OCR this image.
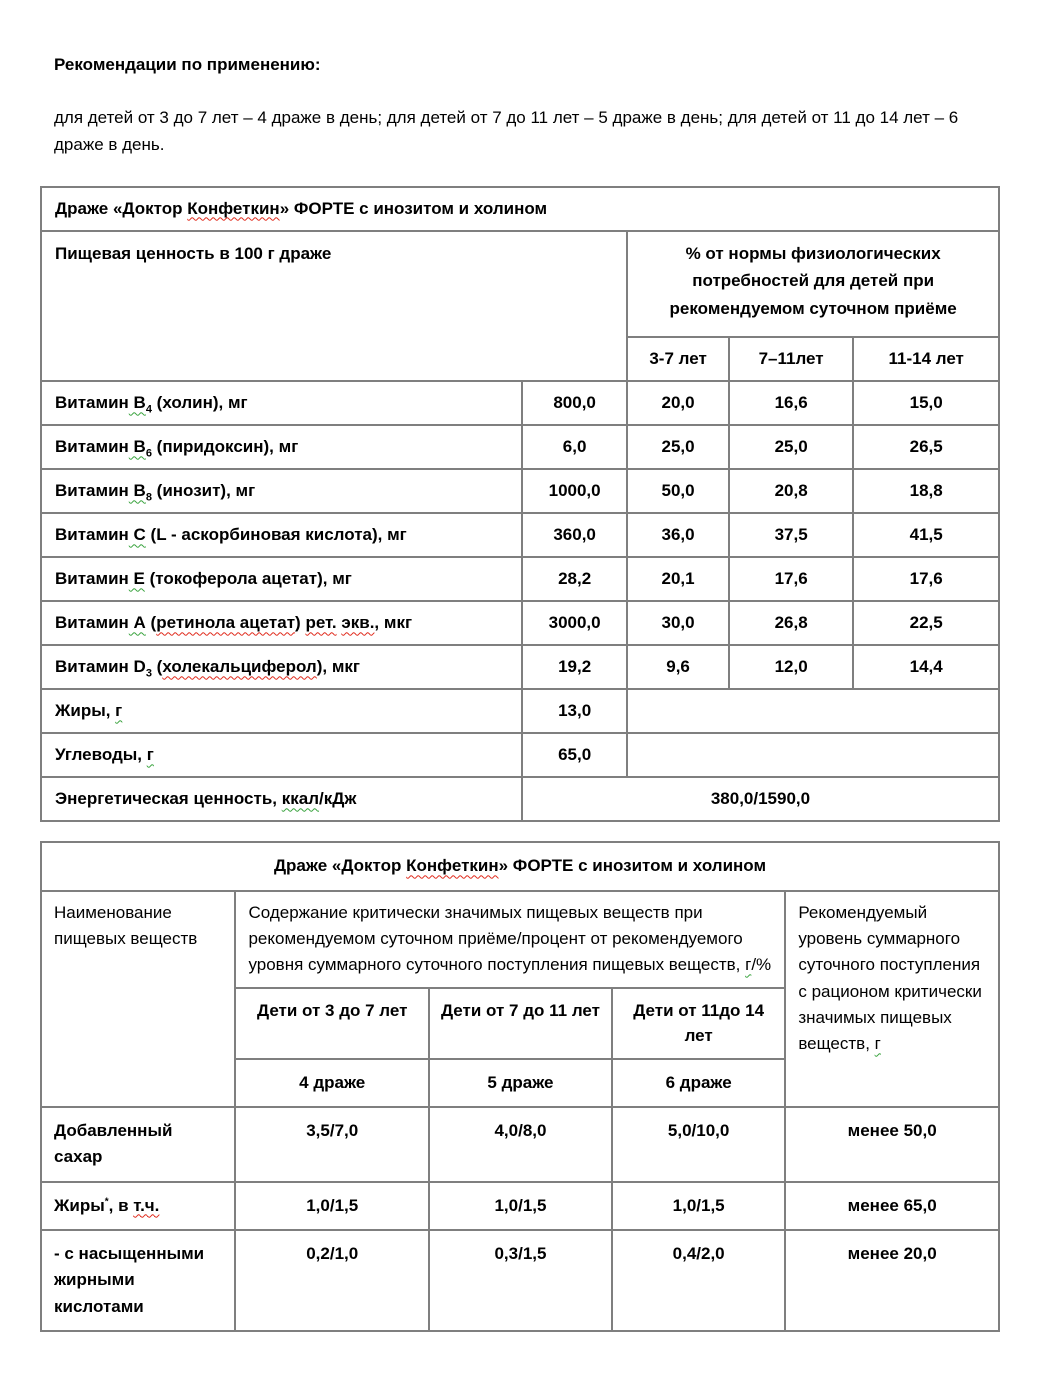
Рекомендации по применению:

для детей от 3 до 7 лет – 4 драже в день; для детей от 7 до 11 лет – 5 драже в день; для детей от 11 до 14 лет – 6 драже в день.

Драже «Доктор Конфеткин» ФОРТЕ с инозитом и холином				
Пищевая ценность в 100 г драже		% от нормы физиологических потребностей для детей при рекомендуемом суточном приёме		
		3-7 лет	7–11лет	11-14 лет
Витамин $В_4$ (холин), мг	800,0	20,0	16,6	15,0
Витамин $В_6$ (пиридоксин), мг	6,0	25,0	25,0	26,5
Витамин $В_8$ (инозит), мг	1000,0	50,0	20,8	18,8
Витамин С (L - аскорбиновая кислота), мг	360,0	36,0	37,5	41,5
Витамин Е (токоферола ацетат), мг	28,2	20,1	17,6	17,6
Витамин А (ретинола ацетат) рет. экв., мкг	3000,0	30,0	26,8	22,5
Витамин $D_3$ (холекальциферол), мкг	19,2	9,6	12,0	14,4
Жиры, г	13,0			
Углеводы, г	65,0			
Энергетическая ценность, ккал/кДж	380,0/1590,0			
Драже «Доктор Конфеткин» ФОРТЕ с инозитом и холином				
Наименование пищевых веществ	Содержание критически значимых пищевых веществ при рекомендуемом суточном приёме/процент от рекомендуемого уровня суммарного суточного поступления пищевых веществ, г/%			Рекомендуемый уровень суммарного суточного поступления с рационом критически значимых пищевых веществ, г
	Дети от 3 до 7 лет	Дети от 7 до 11 лет	Дети от 11до 14 лет	
	4 драже	5 драже	6 драже	
Добавленный сахар	3,5/7,0	4,0/8,0	5,0/10,0	менее 50,0
Жиры*, в т.ч.	1,0/1,5	1,0/1,5	1,0/1,5	менее 65,0
- с насыщенными жирными кислотами	0,2/1,0	0,3/1,5	0,4/2,0	менее 20,0
